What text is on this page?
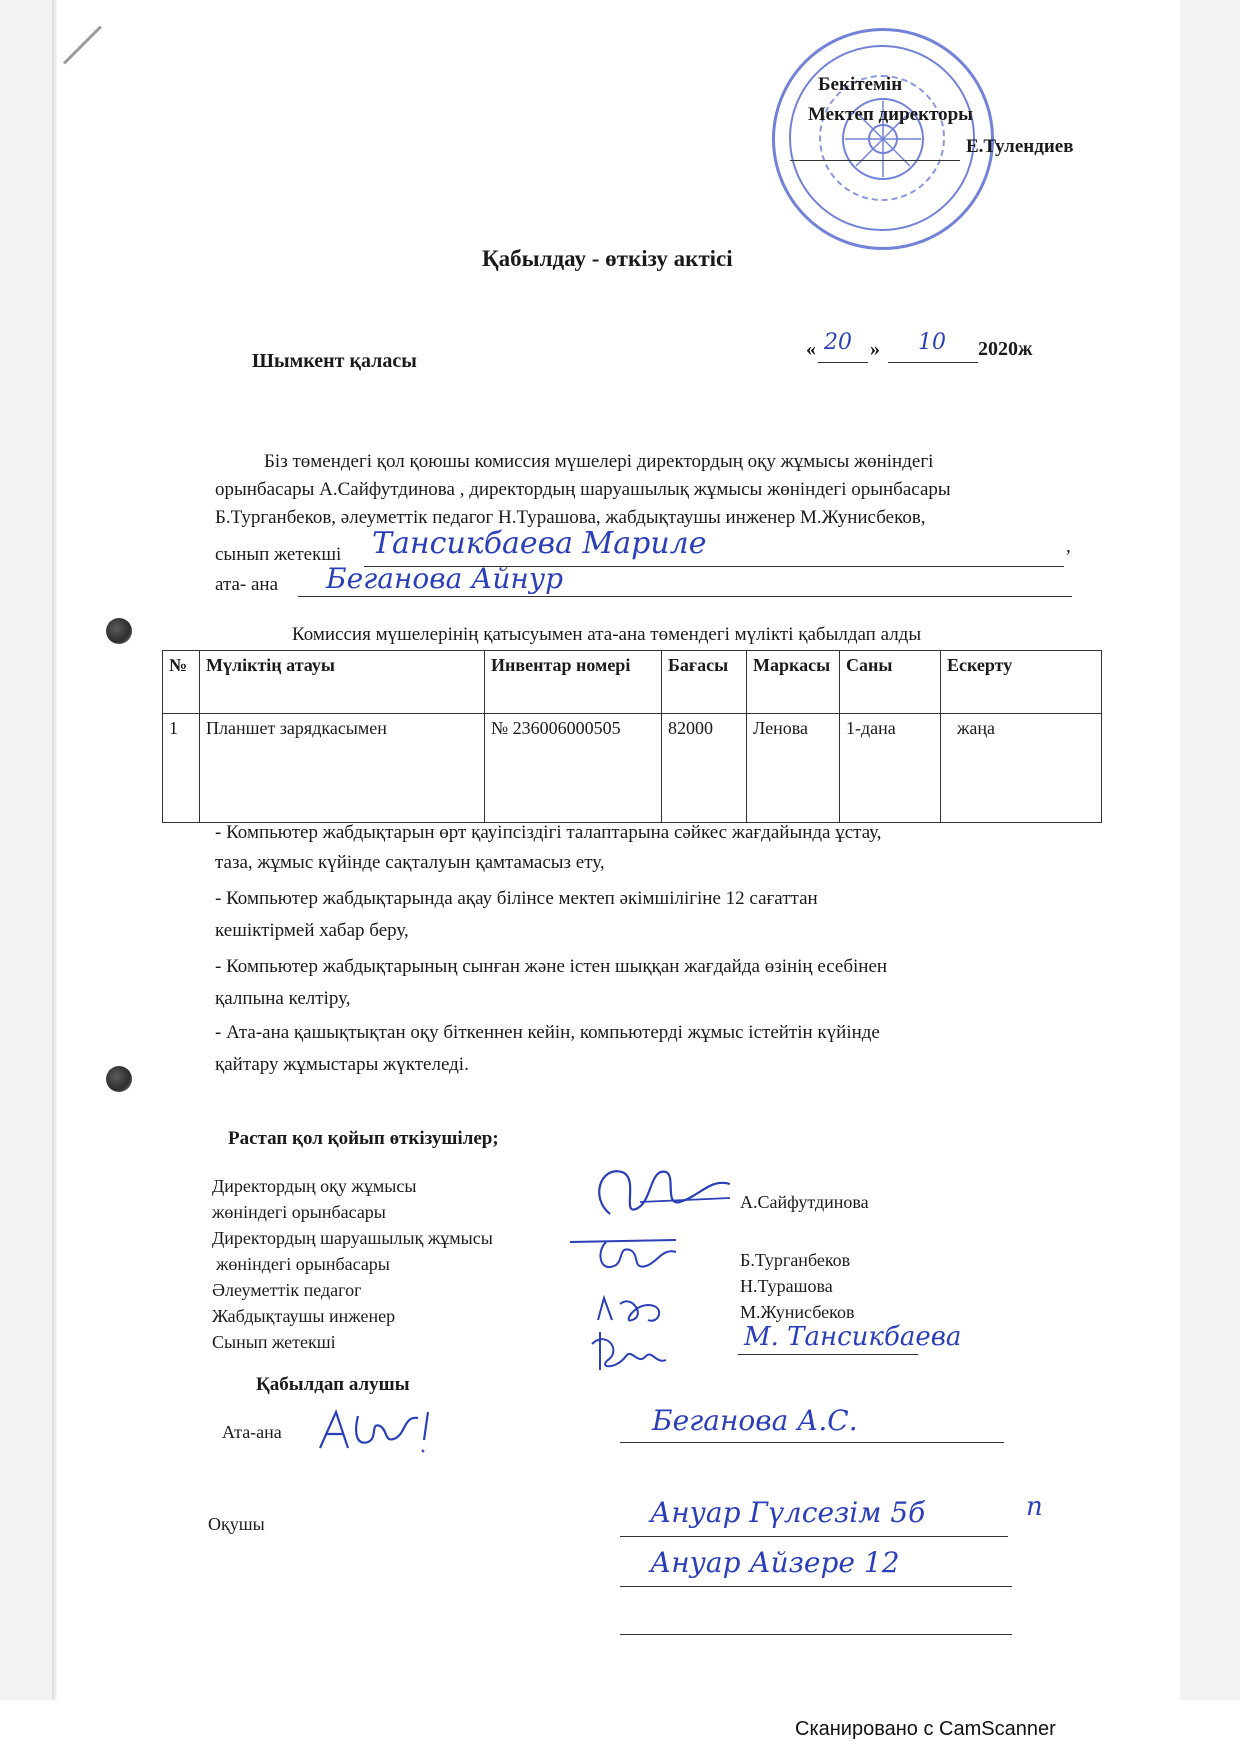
Бекітемін
Мектеп директоры
Е.Тулендиев
Қабылдау - өткізу актісі
Шымкент қаласы
« 20 » 10 2020ж
Біз төмендегі қол қоюшы комиссия мүшелері директордың оқу жұмысы жөніндегі
орынбасары А.Сайфутдинова , директордың шаруашылық жұмысы жөніндегі орынбасары
Б.Турганбеков, әлеуметтік педагог Н.Турашова, жабдықтаушы инженер М.Жунисбеков,
сынып жетекші Тансикбаева Мариле	,
ата- ана Беганова Айнур
Комиссия мүшелерінің қатысуымен ата-ана төмендегі мүлікті қабылдап алды
№	Мүліктің атауы	Инвентар номері	Бағасы	Маркасы	Саны	Ескерту
1	Планшет зарядкасымен	№ 236006000505	82000	Ленова	1-дана	жаңа
- Компьютер жабдықтарын өрт қауіпсіздігі талаптарына сәйкес жағдайында ұстау,
таза, жұмыс күйінде сақталуын қамтамасыз ету,
- Компьютер жабдықтарында ақау білінсе мектеп әкімшілігіне 12 сағаттан
кешіктірмей хабар беру,
- Компьютер жабдықтарының сынған және істен шыққан жағдайда өзінің есебінен
қалпына келтіру,
- Ата-ана қашықтықтан оқу біткеннен кейін, компьютерді жұмыс істейтін күйінде
қайтару жұмыстары жүктеледі.
Растап қол қойып өткізушілер;
Директордың оқу жұмысы
жөніндегі орынбасары
Директордың шаруашылық жұмысы
жөніндегі орынбасары
Әлеуметтік педагог
Жабдықтаушы инженер
Сынып жетекші
А.Сайфутдинова
Б.Турганбеков
Н.Турашова
М.Жунисбеков
М. Тансикбаева
Қабылдап алушы
Ата-ана	Беганова А.С.
Оқушы	Ануар Гүлсезім 5б	п
Ануар Айзере 12
Сканировано с CamScanner
